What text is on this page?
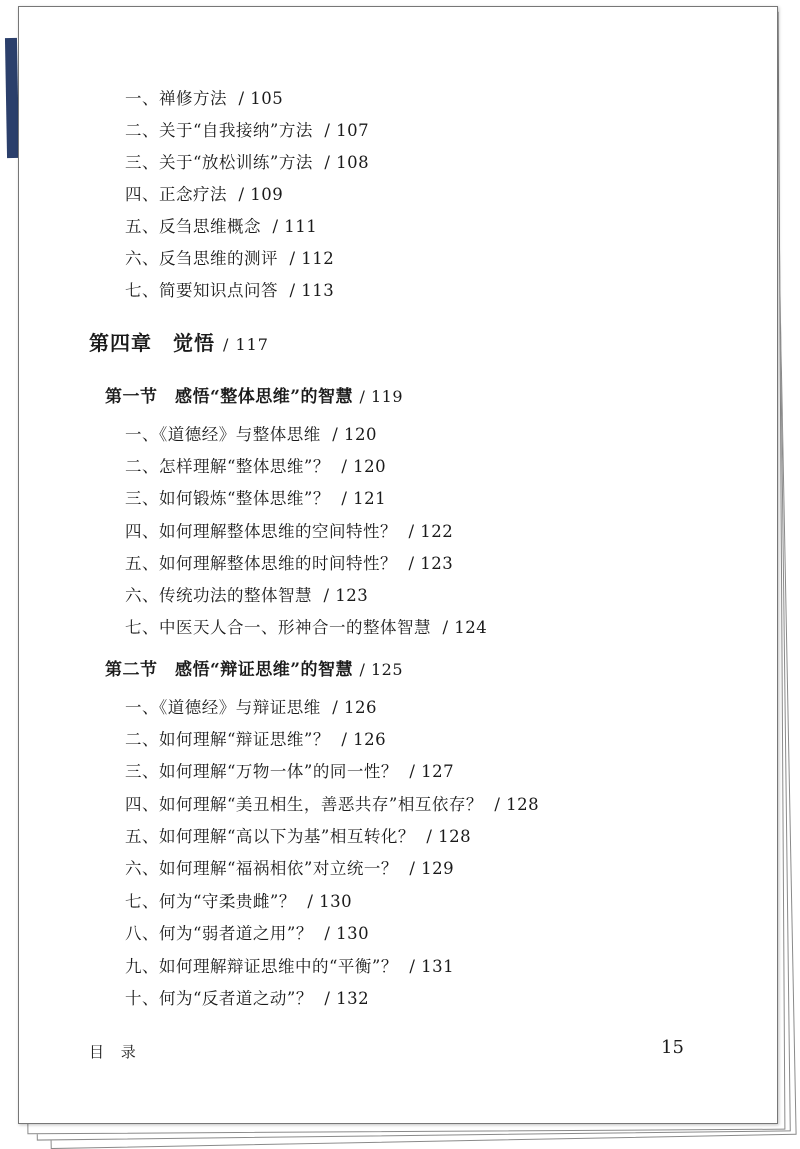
一、禅修方法 / 105
二、关于“自我接纳”方法 / 107
三、关于“放松训练”方法 / 108
四、正念疗法 / 109
五、反刍思维概念 / 111
六、反刍思维的测评 / 112
七、简要知识点问答 / 113
第四章　觉悟 / 117
第一节　感悟“整体思维”的智慧 / 119
一、《道德经》与整体思维 / 120
二、怎样理解“整体思维”？ / 120
三、如何锻炼“整体思维”？ / 121
四、如何理解整体思维的空间特性？ / 122
五、如何理解整体思维的时间特性？ / 123
六、传统功法的整体智慧 / 123
七、中医天人合一、形神合一的整体智慧 / 124
第二节　感悟“辩证思维”的智慧 / 125
一、《道德经》与辩证思维 / 126
二、如何理解“辩证思维”？ / 126
三、如何理解“万物一体”的同一性？ / 127
四、如何理解“美丑相生，善恶共存”相互依存？ / 128
五、如何理解“高以下为基”相互转化？ / 128
六、如何理解“福祸相依”对立统一？ / 129
七、何为“守柔贵雌”？ / 130
八、何为“弱者道之用”？ / 130
九、如何理解辩证思维中的“平衡”？ / 131
十、何为“反者道之动”？ / 132
目 录	15
